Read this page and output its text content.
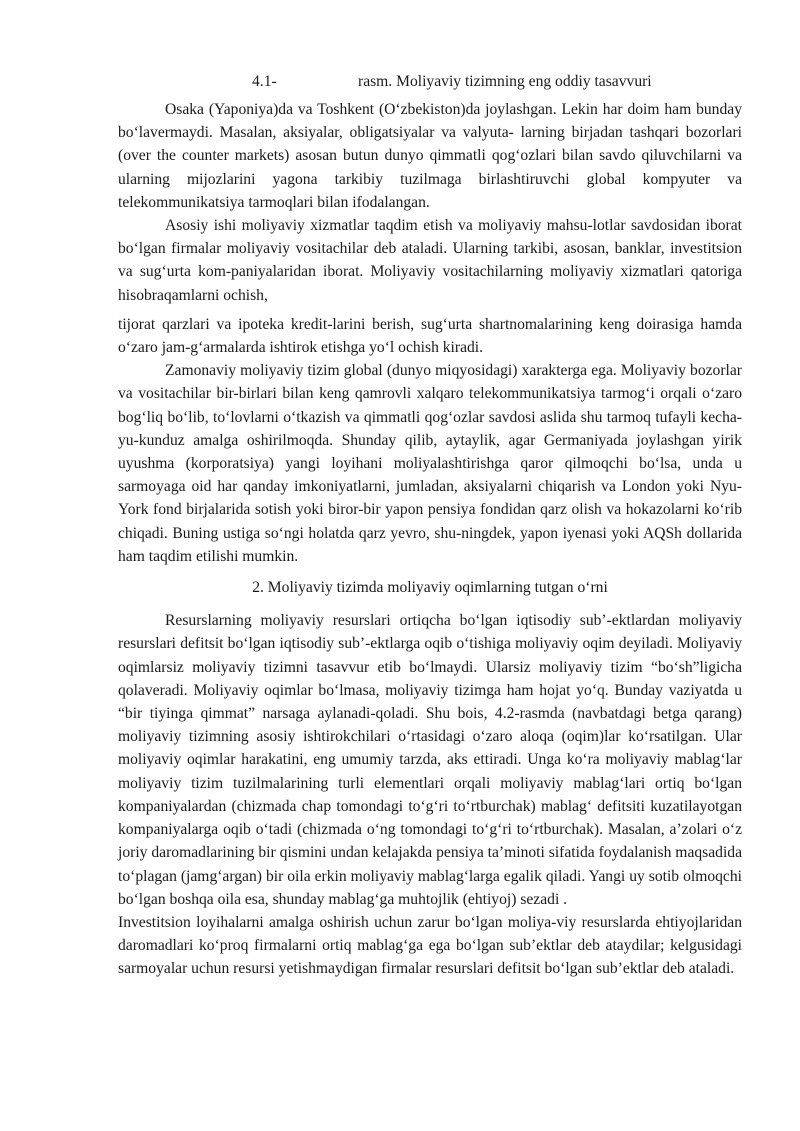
4.1-	rasm. Moliyaviy tizimning eng oddiy tasavvuri

Osaka (Yaponiya)da va Toshkent (O‘zbekiston)da joylashgan. Lekin har doim ham bunday bo‘lavermaydi. Masalan, aksiyalar, obligatsiyalar va valyuta- larning birjadan tashqari bozorlari (over the counter markets) asosan butun dunyo qimmatli qog‘ozlari bilan savdo qiluvchilarni va ularning mijozlarini yagona tarkibiy tuzilmaga birlashtiruvchi global kompyuter va telekommunikatsiya tarmoqlari bilan ifodalangan.

Asosiy ishi moliyaviy xizmatlar taqdim etish va moliyaviy mahsu-lotlar savdosidan iborat bo‘lgan firmalar moliyaviy vositachilar deb ataladi. Ularning tarkibi, asosan, banklar, investitsion va sug‘urta kom-paniyalaridan iborat. Moliyaviy vositachilarning moliyaviy xizmatlari qatoriga hisobraqamlarni ochish,

tijorat qarzlari va ipoteka kredit-larini berish, sug‘urta shartnomalarining keng doirasiga hamda o‘zaro jam-g‘armalarda ishtirok etishga yo‘l ochish kiradi.

Zamonaviy moliyaviy tizim global (dunyo miqyosidagi) xarakterga ega. Moliyaviy bozorlar va vositachilar bir-birlari bilan keng qamrovli xalqaro telekommunikatsiya tarmog‘i orqali o‘zaro bog‘liq bo‘lib, to‘lovlarni o‘tkazish va qimmatli qog‘ozlar savdosi aslida shu tarmoq tufayli kecha-yu-kunduz amalga oshirilmoqda. Shunday qilib, aytaylik, agar Germaniyada joylashgan yirik uyushma (korporatsiya) yangi loyihani moliyalashtirishga qaror qilmoqchi bo‘lsa, unda u sarmoyaga oid har qanday imkoniyatlarni, jumladan, aksiyalarni chiqarish va London yoki Nyu-York fond birjalarida sotish yoki biror-bir yapon pensiya fondidan qarz olish va hokazolarni ko‘rib chiqadi. Buning ustiga so‘ngi holatda qarz yevro, shu-ningdek, yapon iyenasi yoki AQSh dollarida ham taqdim etilishi mumkin.

2. Moliyaviy tizimda moliyaviy oqimlarning tutgan o‘rni

Resurslarning moliyaviy resurslari ortiqcha bo‘lgan iqtisodiy sub’-ektlardan moliyaviy resurslari defitsit bo‘lgan iqtisodiy sub’-ektlarga oqib o‘tishiga moliyaviy oqim deyiladi. Moliyaviy oqimlarsiz moliyaviy tizimni tasavvur etib bo‘lmaydi. Ularsiz moliyaviy tizim “bo‘sh”ligicha qolaveradi. Moliyaviy oqimlar bo‘lmasa, moliyaviy tizimga ham hojat yo‘q. Bunday vaziyatda u “bir tiyinga qimmat” narsaga aylanadi-qoladi. Shu bois, 4.2-rasmda (navbatdagi betga qarang) moliyaviy tizimning asosiy ishtirokchilari o‘rtasidagi o‘zaro aloqa (oqim)lar ko‘rsatilgan. Ular moliyaviy oqimlar harakatini, eng umumiy tarzda, aks ettiradi. Unga ko‘ra moliyaviy mablag‘lar moliyaviy tizim tuzilmalarining turli elementlari orqali moliyaviy mablag‘lari ortiq bo‘lgan kompaniyalardan (chizmada chap tomondagi to‘g‘ri to‘rtburchak) mablag‘ defitsiti kuzatilayotgan kompaniyalarga oqib o‘tadi (chizmada o‘ng tomondagi to‘g‘ri to‘rtburchak). Masalan, a’zolari o‘z joriy daromadlarining bir qismini undan kelajakda pensiya ta’minoti sifatida foydalanish maqsadida to‘plagan (jamg‘argan) bir oila erkin moliyaviy mablag‘larga egalik qiladi. Yangi uy sotib olmoqchi bo‘lgan boshqa oila esa, shunday mablag‘ga muhtojlik (ehtiyoj) sezadi .

Investitsion loyihalarni amalga oshirish uchun zarur bo‘lgan moliya-viy resurslarda ehtiyojlaridan daromadlari ko‘proq firmalarni ortiq mablag‘ga ega bo‘lgan sub’ektlar deb ataydilar; kelgusidagi sarmoyalar uchun resursi yetishmaydigan firmalar resurslari defitsit bo‘lgan sub’ektlar deb ataladi.
